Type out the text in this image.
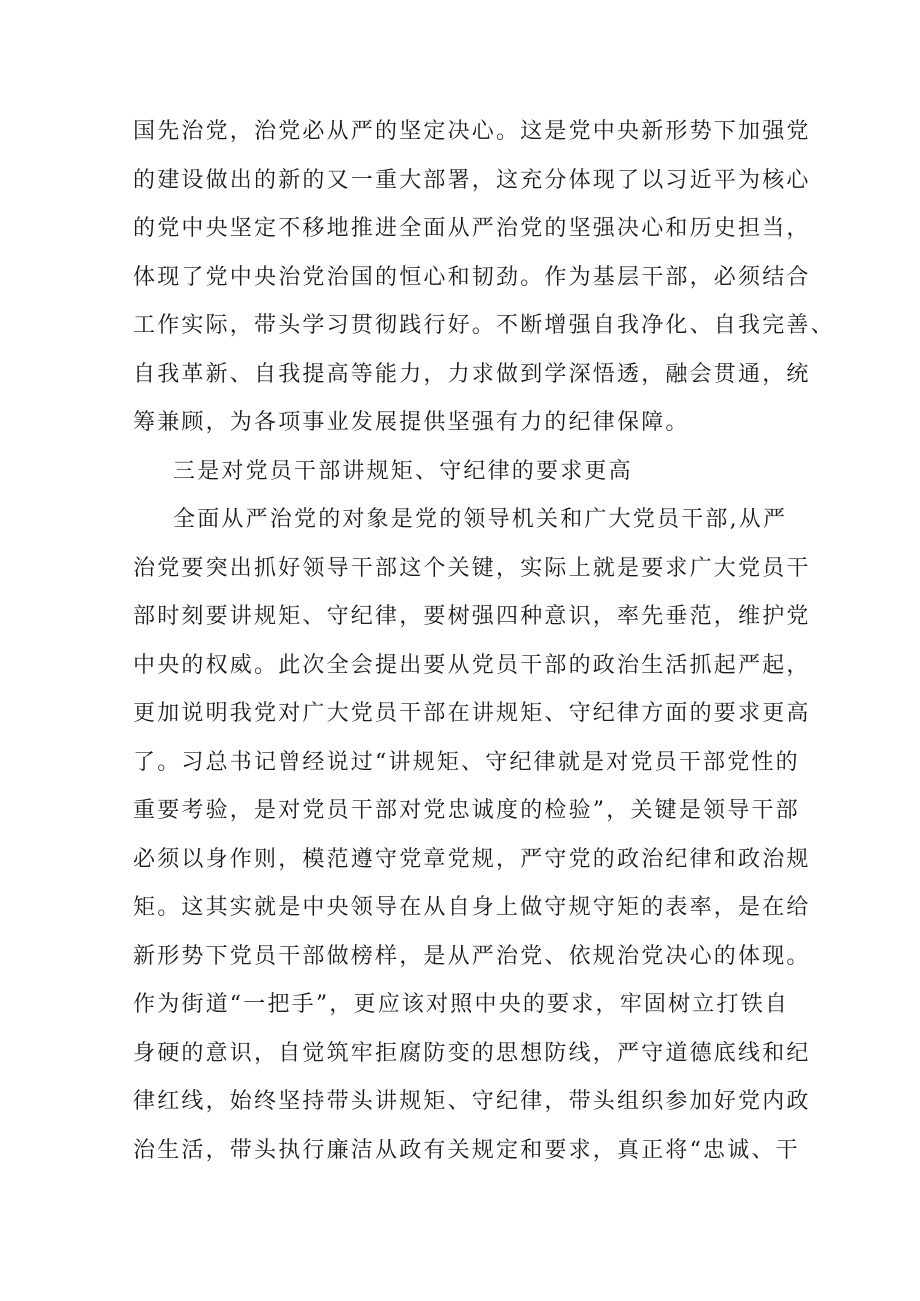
国先治党，治党必从严的坚定决心。这是党中央新形势下加强党
的建设做出的新的又一重大部署，这充分体现了以习近平为核心
的党中央坚定不移地推进全面从严治党的坚强决心和历史担当，
体现了党中央治党治国的恒心和韧劲。作为基层干部，必须结合
工作实际，带头学习贯彻践行好。不断增强自我净化、自我完善、
自我革新、自我提高等能力，力求做到学深悟透，融会贯通，统
筹兼顾，为各项事业发展提供坚强有力的纪律保障。
三是对党员干部讲规矩、守纪律的要求更高
全面从严治党的对象是党的领导机关和广大党员干部,从严
治党要突出抓好领导干部这个关键，实际上就是要求广大党员干
部时刻要讲规矩、守纪律，要树强四种意识，率先垂范，维护党
中央的权威。此次全会提出要从党员干部的政治生活抓起严起，
更加说明我党对广大党员干部在讲规矩、守纪律方面的要求更高
了。习总书记曾经说过“讲规矩、守纪律就是对党员干部党性的
重要考验，是对党员干部对党忠诚度的检验”，关键是领导干部
必须以身作则，模范遵守党章党规，严守党的政治纪律和政治规
矩。这其实就是中央领导在从自身上做守规守矩的表率，是在给
新形势下党员干部做榜样，是从严治党、依规治党决心的体现。
作为街道“一把手”，更应该对照中央的要求，牢固树立打铁自
身硬的意识，自觉筑牢拒腐防变的思想防线，严守道德底线和纪
律红线，始终坚持带头讲规矩、守纪律，带头组织参加好党内政
治生活，带头执行廉洁从政有关规定和要求，真正将“忠诚、干
